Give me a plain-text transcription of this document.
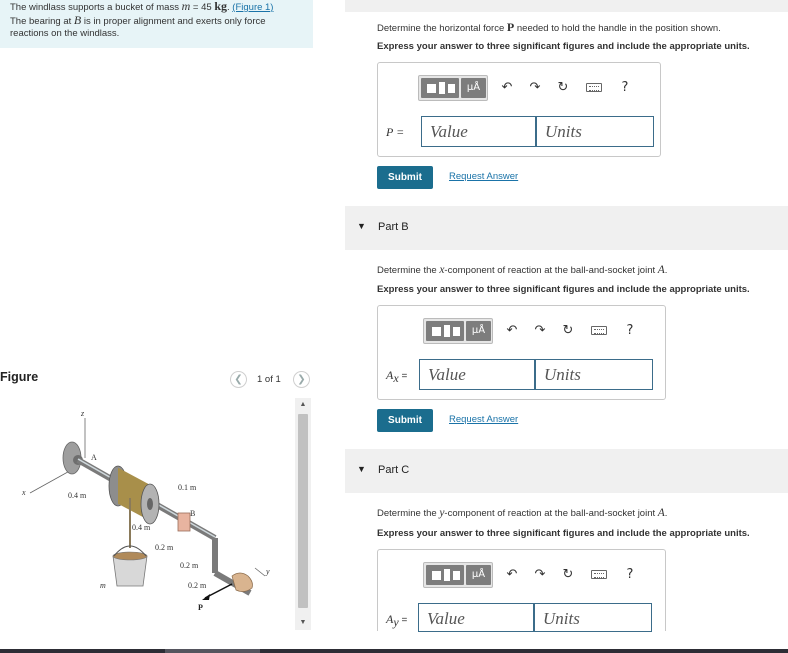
The windlass supports a bucket of mass m = 45 kg. (Figure 1)
The bearing at B is in proper alignment and exerts only force
reactions on the windlass.
Figure	❮	1 of 1	❯
z
x
y
A
B
P
m
0.4 m
0.1 m
0.4 m
0.2 m
0.2 m
0.2 m
▲
▼
Determine the horizontal force P needed to hold the handle in the position shown.
Express your answer to three significant figures and include the appropriate units.
μÅ	↶ ↷ ↻	?
P =	Value	Units
Submit	Request Answer
▼ Part B
Determine the x-component of reaction at the ball-and-socket joint A.
Express your answer to three significant figures and include the appropriate units.
μÅ	↶ ↷ ↻	?
$A_x$ =	Value	Units
Submit	Request Answer
▼ Part C
Determine the y-component of reaction at the ball-and-socket joint A.
Express your answer to three significant figures and include the appropriate units.
μÅ	↶ ↷ ↻	?
$A_y$ =	Value	Units
